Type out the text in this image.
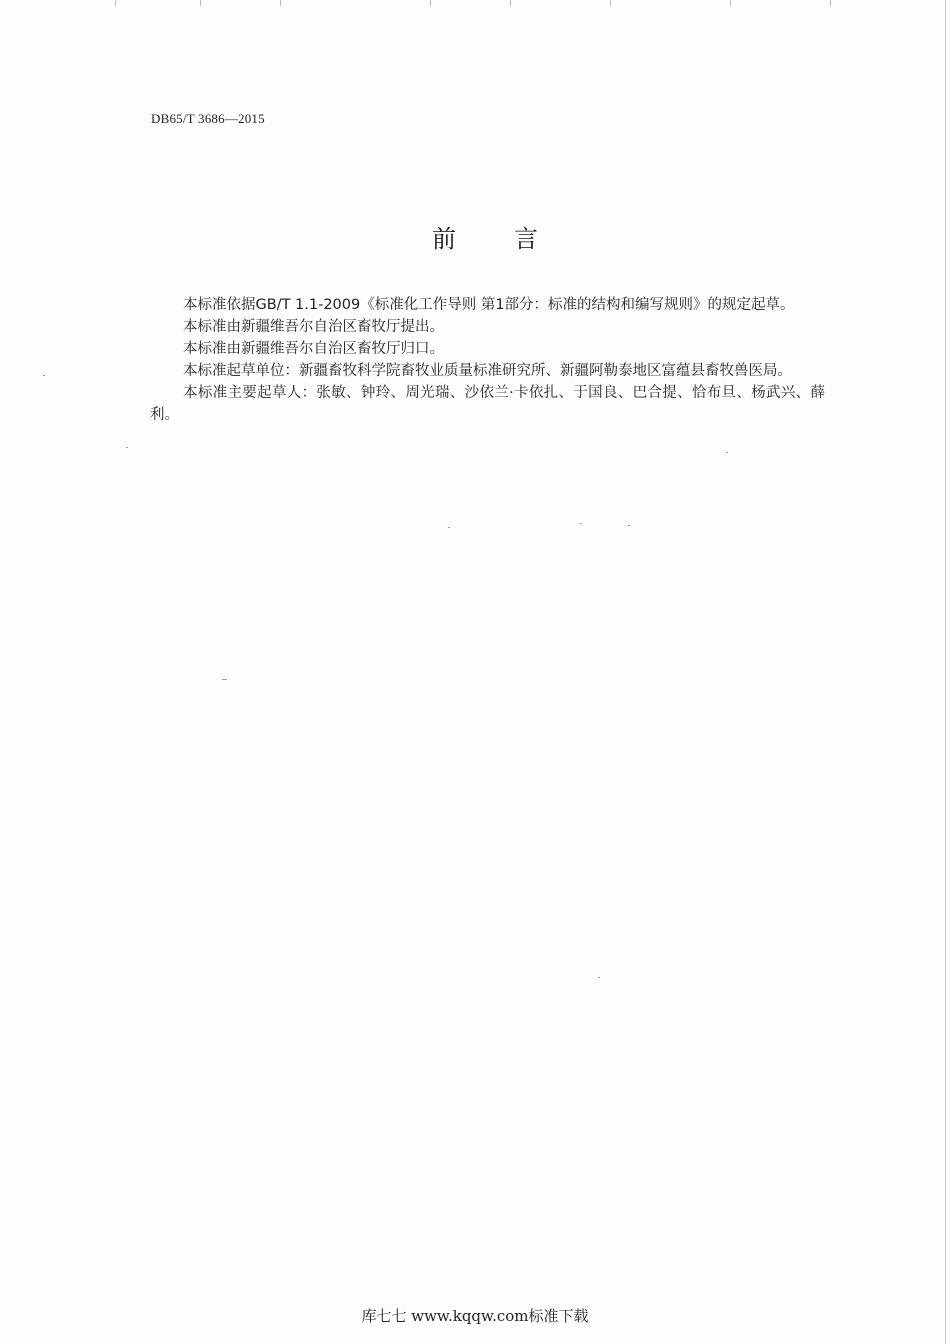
DB65/T 3686—2015
前 言

本标准依据GB/T 1.1-2009《标准化工作导则 第1部分：标准的结构和编写规则》的规定起草。

本标准由新疆维吾尔自治区畜牧厅提出。

本标准由新疆维吾尔自治区畜牧厅归口。

本标准起草单位：新疆畜牧科学院畜牧业质量标准研究所、新疆阿勒泰地区富蕴县畜牧兽医局。

本标准主要起草人：张敏、钟玲、周光瑞、沙依兰·卡依扎、于国良、巴合提、恰布旦、杨武兴、薛利。

库七七 www.kqqw.com标准下载
